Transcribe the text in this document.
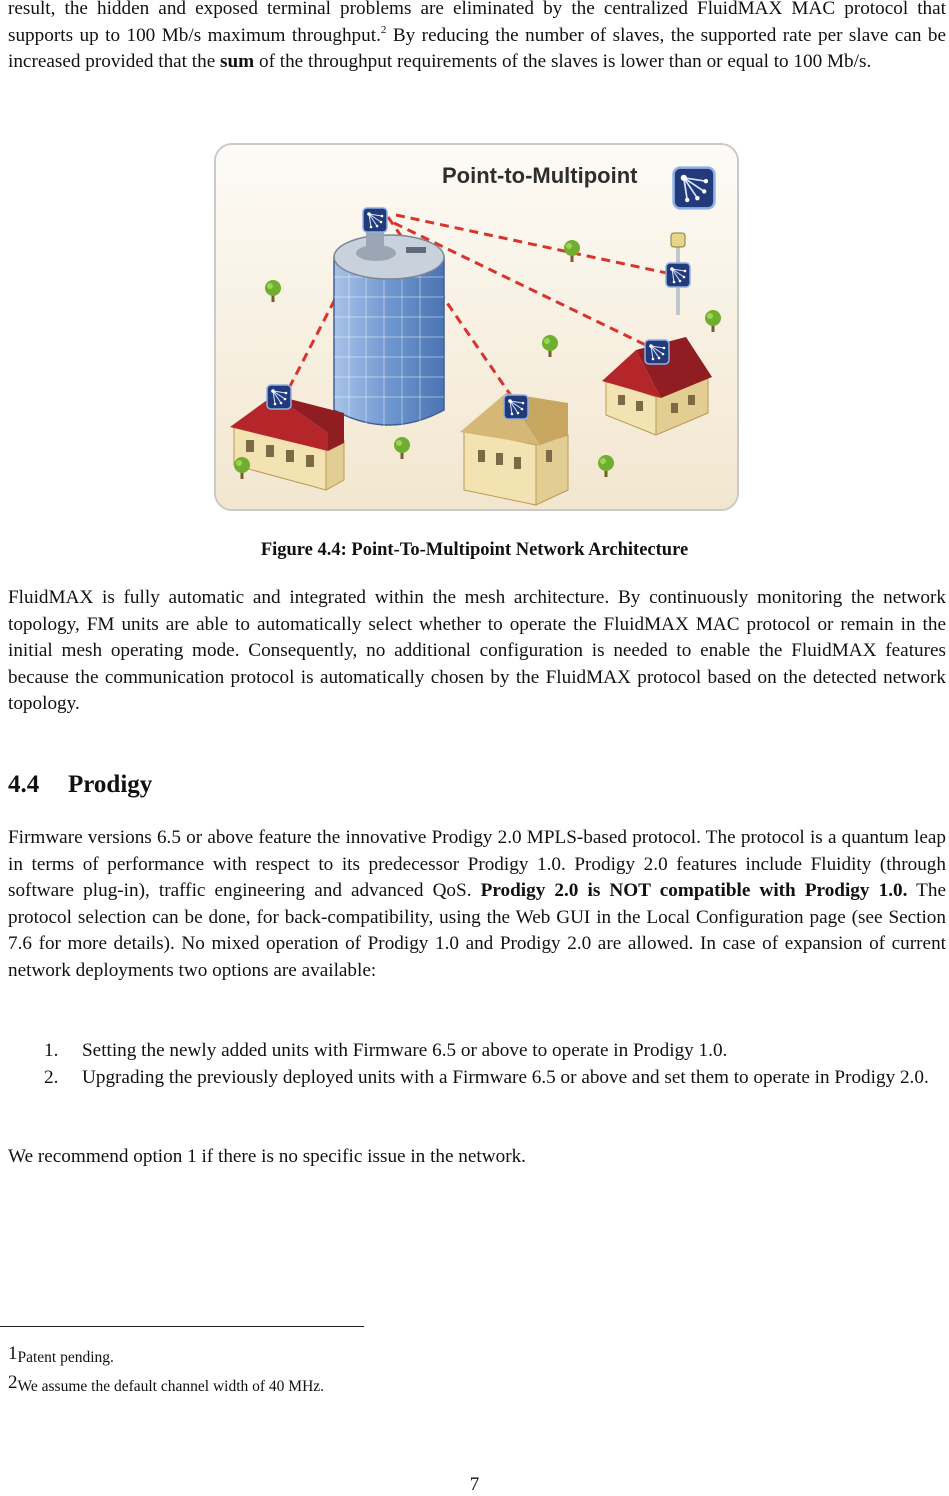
result, the hidden and exposed terminal problems are eliminated by the centralized FluidMAX MAC protocol that supports up to 100 Mb/s maximum throughput.$^2$ By reducing the number of slaves, the supported rate per slave can be increased provided that the sum of the throughput requirements of the slaves is lower than or equal to 100 Mb/s.
Point-to-Multipoint
Figure 4.4: Point-To-Multipoint Network Architecture
FluidMAX is fully automatic and integrated within the mesh architecture. By continuously monitoring the network topology, FM units are able to automatically select whether to operate the FluidMAX MAC protocol or remain in the initial mesh operating mode. Consequently, no additional configuration is needed to enable the FluidMAX features because the communication protocol is automatically chosen by the FluidMAX protocol based on the detected network topology.
4.4 Prodigy
Firmware versions 6.5 or above feature the innovative Prodigy 2.0 MPLS-based protocol. The protocol is a quantum leap in terms of performance with respect to its predecessor Prodigy 1.0. Prodigy 2.0 features include Fluidity (through software plug-in), traffic engineering and advanced QoS. Prodigy 2.0 is NOT compatible with Prodigy 1.0. The protocol selection can be done, for back-compatibility, using the Web GUI in the Local Configuration page (see Section 7.6 for more details). No mixed operation of Prodigy 1.0 and Prodigy 2.0 are allowed. In case of expansion of current network deployments two options are available:
1.	Setting the newly added units with Firmware 6.5 or above to operate in Prodigy 1.0.
2.	Upgrading the previously deployed units with a Firmware 6.5 or above and set them to operate in Prodigy 2.0.
We recommend option 1 if there is no specific issue in the network.
1Patent pending.
2We assume the default channel width of 40 MHz.
7
